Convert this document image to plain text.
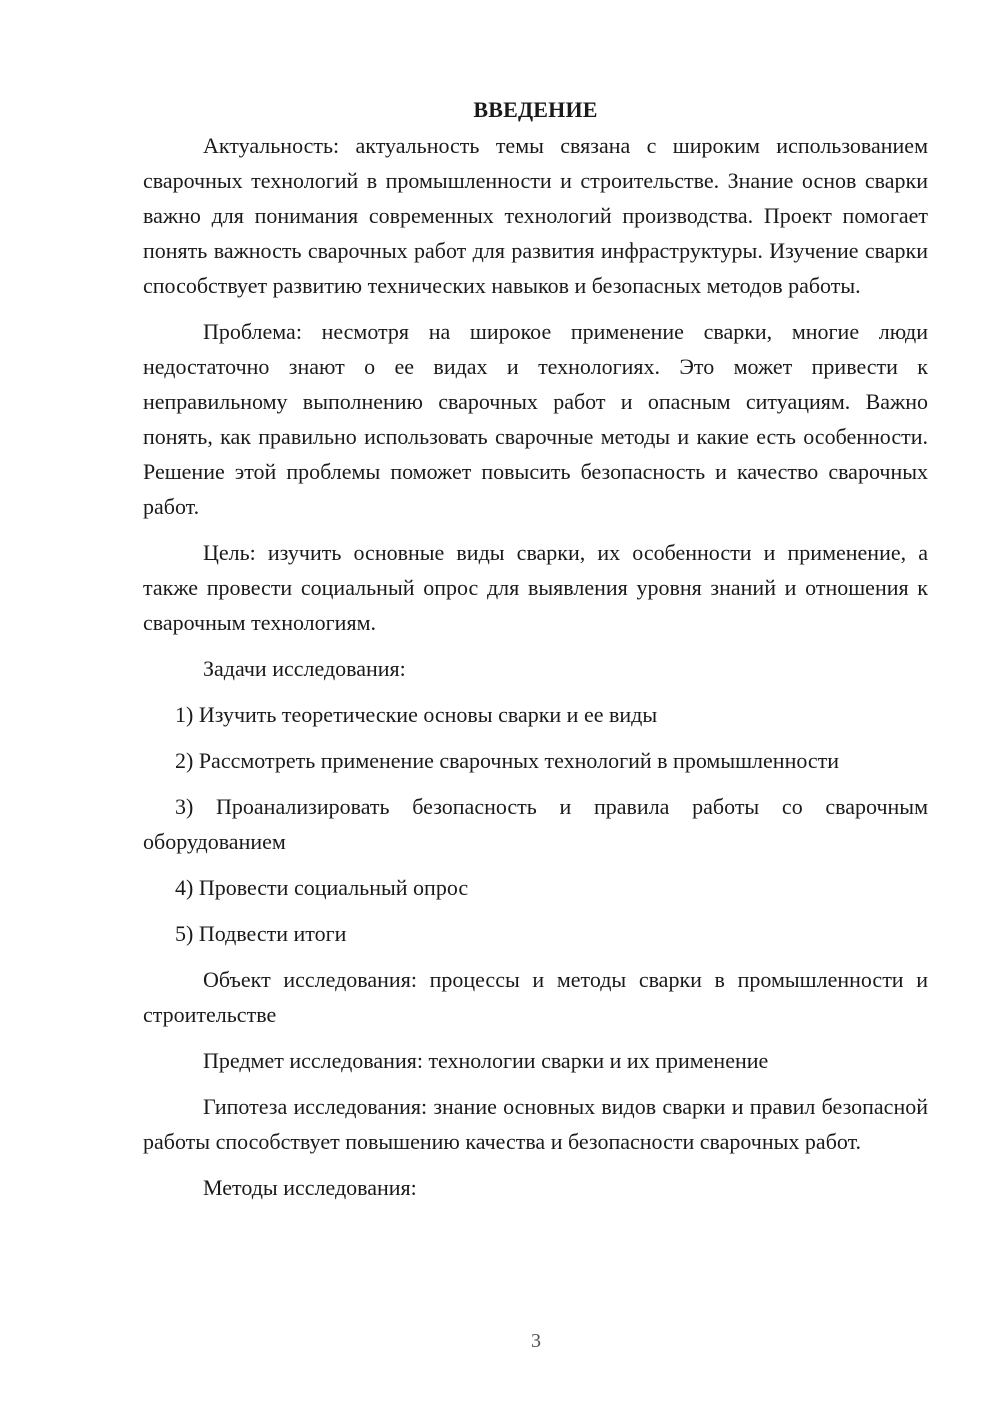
ВВЕДЕНИЕ

Актуальность: актуальность темы связана с широким использованием сварочных технологий в промышленности и строительстве. Знание основ сварки важно для понимания современных технологий производства. Проект помогает понять важность сварочных работ для развития инфраструктуры. Изучение сварки способствует развитию технических навыков и безопасных методов работы.

Проблема: несмотря на широкое применение сварки, многие люди недостаточно знают о ее видах и технологиях. Это может привести к неправильному выполнению сварочных работ и опасным ситуациям. Важно понять, как правильно использовать сварочные методы и какие есть особенности. Решение этой проблемы поможет повысить безопасность и качество сварочных работ.

Цель: изучить основные виды сварки, их особенности и применение, а также провести социальный опрос для выявления уровня знаний и отношения к сварочным технологиям.

Задачи исследования:

1) Изучить теоретические основы сварки и ее виды

2) Рассмотреть применение сварочных технологий в промышленности

3) Проанализировать безопасность и правила работы со сварочным оборудованием

4) Провести социальный опрос

5) Подвести итоги

Объект исследования: процессы и методы сварки в промышленности и строительстве

Предмет исследования: технологии сварки и их применение

Гипотеза исследования: знание основных видов сварки и правил безопасной работы способствует повышению качества и безопасности сварочных работ.

Методы исследования:

3
